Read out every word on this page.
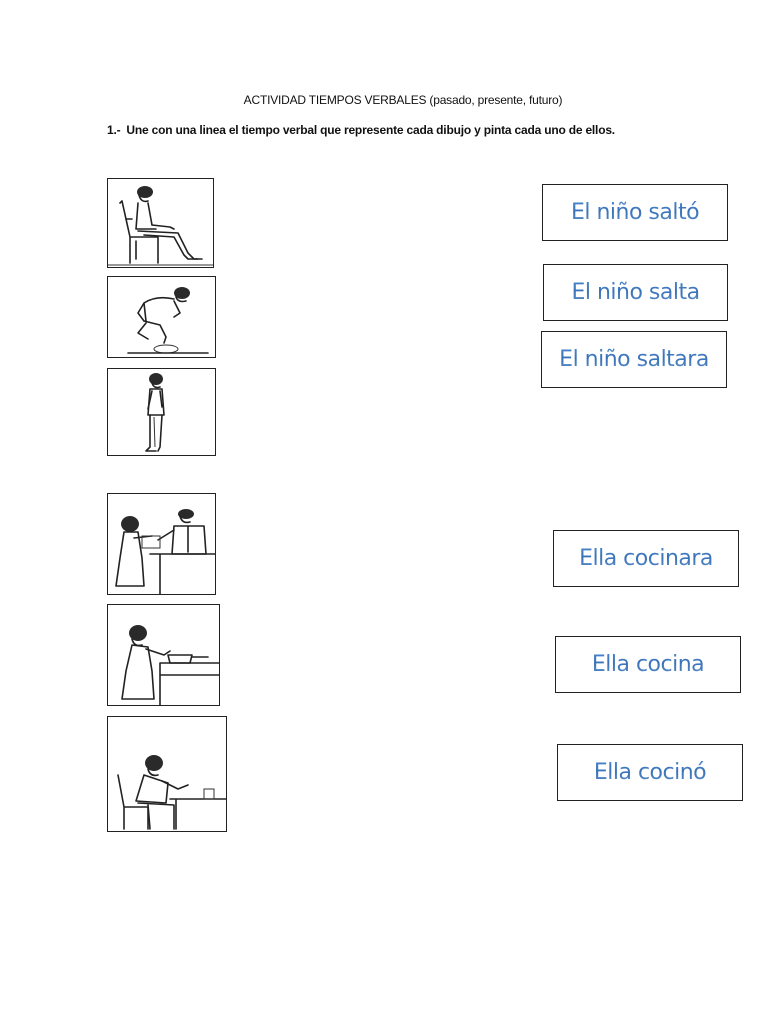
ACTIVIDAD TIEMPOS VERBALES (pasado, presente, futuro)
1.- Une con una linea el tiempo verbal que represente cada dibujo y pinta cada uno de ellos.
El niño saltó
El niño salta
El niño saltara
Ella cocinara
Ella cocina
Ella cocinó
